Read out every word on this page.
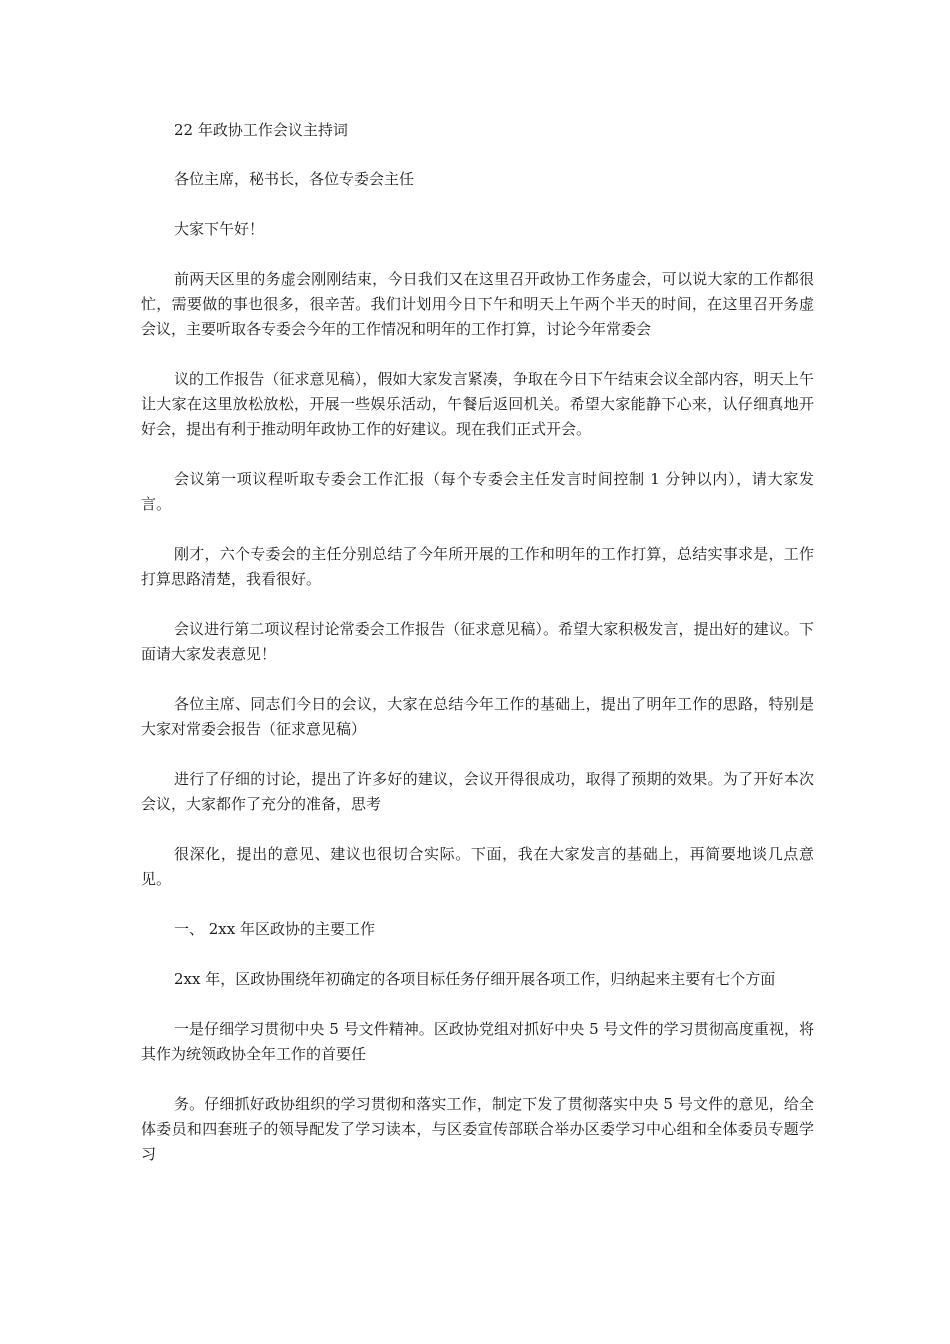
22 年政协工作会议主持词

各位主席，秘书长，各位专委会主任

大家下午好！

前两天区里的务虚会刚刚结束，今日我们又在这里召开政协工作务虚会，可以说大家的工作都很忙，需要做的事也很多，很辛苦。我们计划用今日下午和明天上午两个半天的时间，在这里召开务虚会议，主要听取各专委会今年的工作情况和明年的工作打算，讨论今年常委会

议的工作报告（征求意见稿），假如大家发言紧凑，争取在今日下午结束会议全部内容，明天上午让大家在这里放松放松，开展一些娱乐活动，午餐后返回机关。希望大家能静下心来，认仔细真地开好会，提出有利于推动明年政协工作的好建议。现在我们正式开会。

会议第一项议程听取专委会工作汇报（每个专委会主任发言时间控制 1 分钟以内），请大家发言。

刚才，六个专委会的主任分别总结了今年所开展的工作和明年的工作打算，总结实事求是，工作打算思路清楚，我看很好。

会议进行第二项议程讨论常委会工作报告（征求意见稿）。希望大家积极发言，提出好的建议。下面请大家发表意见！

各位主席、同志们今日的会议，大家在总结今年工作的基础上，提出了明年工作的思路，特别是大家对常委会报告（征求意见稿）

进行了仔细的讨论，提出了许多好的建议，会议开得很成功，取得了预期的效果。为了开好本次会议，大家都作了充分的准备，思考

很深化，提出的意见、建议也很切合实际。下面，我在大家发言的基础上，再简要地谈几点意见。

一、 2xx 年区政协的主要工作

2xx 年，区政协围绕年初确定的各项目标任务仔细开展各项工作，归纳起来主要有七个方面

一是仔细学习贯彻中央 5 号文件精神。区政协党组对抓好中央 5 号文件的学习贯彻高度重视，将其作为统领政协全年工作的首要任

务。仔细抓好政协组织的学习贯彻和落实工作，制定下发了贯彻落实中央 5 号文件的意见，给全体委员和四套班子的领导配发了学习读本，与区委宣传部联合举办区委学习中心组和全体委员专题学习
